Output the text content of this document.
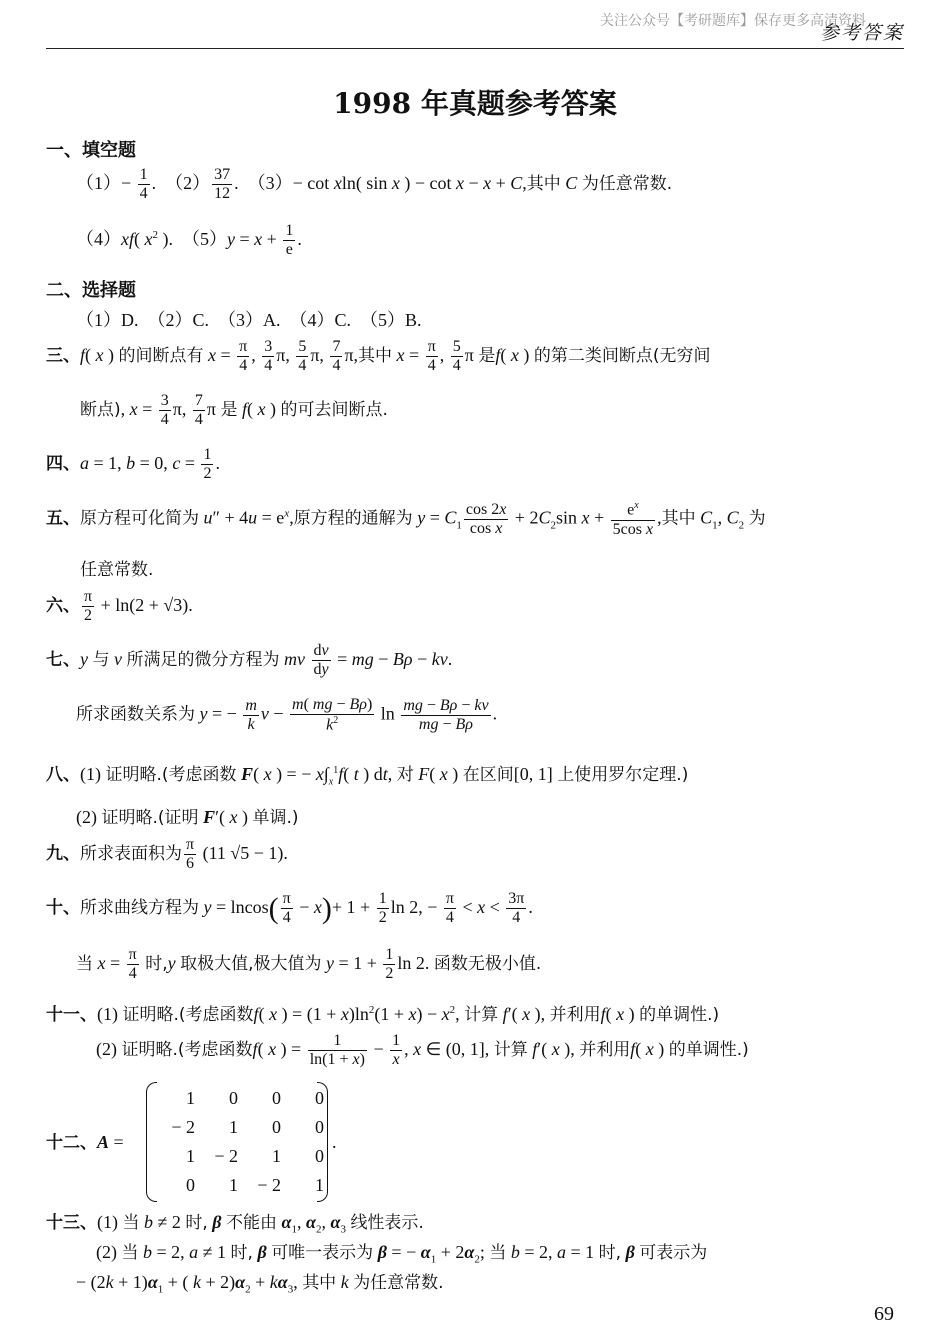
关注公众号【考研题库】保存更多高清资料
参考答案
1998 年真题参考答案
一、填空题
$(1)- \frac{1}{4}$ .　$(2) \frac{37}{12}$ .　（3）− cot xln( sin x ) − cot x − x + C,其中 C 为任意常数.
（4）xf( $x^2$ ).　$(5)y = x + \frac{1}{e}$ .
二、选择题
（1）D.　（2）C.　（3）A.　（4）C.　（5）B.
三、f( x ) 的间断点有 $x = \frac{\pi}{4}$ , $\frac{3}{4} \pi$, $\frac{5}{4} \pi$, $\frac{7}{4} \pi$,其中 $x = \frac{\pi}{4}$ , $\frac{5}{4}$ π 是f( x ) 的第二类间断点(无穷间
断点), $x = \frac{3}{4} \pi$, $\frac{7}{4}$ π 是 f( x ) 的可去间断点.
四、a = 1, b = 0, $c = \frac{1}{2}$ .
五、原方程可化简为 $u'' + 4u = e^x$,原方程的通解为 $y = C_1 \frac{\cos 2x}{\text{cos x}} + 2C_2\sin$ $x + \frac{e^x}{\text{5cos x}}$ ,其中 $C_1$, $C_2$ 为
任意常数.
六、 $\frac{\pi}{2} + \ln(2 + √3)$.
七、y 与 v 所满足的微分方程为 mv $\frac{dv}{dy}$ = mg − Bρ − kv.
所求函数关系为 y = − $\frac{m}{k}$ $v - \frac{m( mg - B\rho)}{k^2}$ $\ln \frac{mg - B\rho - kv}{mg - B\rho}$ .
八、(1) 证明略.(考虑函数 F( x ) = − $x\int_x^1f$( t ) dt, 对 F( x ) 在区间[0, 1] 上使用罗尔定理.)
(2) 证明略.(证明 F′( x ) 单调.)
九、所求表面积为 $\frac{\pi}{6} (11$ √5 − 1).
十、所求曲线方程为 $y = lncos( \frac{\pi}{4} - x)+ 1 + \frac{1}{2}$ ln 2, − $\frac{\pi}{4} < x < \frac{3\pi}{4}$ .
当 $x = \frac{\pi}{4}$ 时,y 取极大值,极大值为 $y = 1 + \frac{1}{2}$ ln 2. 函数无极小值.
十一、(1) 证明略.(考虑函数f( x ) = $(1 + x)\ln^2(1 + x) - x^2$, 计算 f′( x ), 并利用f( x ) 的单调性.)
(2) 证明略.(考虑函数f( x ) = $\frac{1}{\ln(1 + x)} - \frac{1}{x}$ , x ∈ (0, 1], 计算 f′( x ), 并利用f( x ) 的单调性.)
十二、A =
1	0	0	0
− 2	1	0	0
1	− 2	1	0
0	1	− 2	1
.
十三、(1) 当 b ≠ 2 时, β 不能由 $\alpha_1$, $\alpha_2$, $\alpha_3$ 线性表示.
(2) 当 b = 2, a ≠ 1 时, β 可唯一表示为 β = − $\alpha_1 + 2\alpha_2$; 当 b = 2, a = 1 时, β 可表示为
− $(2k + 1)\alpha_1$ + ( $k + 2)\alpha_2 + k\alpha_3$, 其中 k 为任意常数.
69
